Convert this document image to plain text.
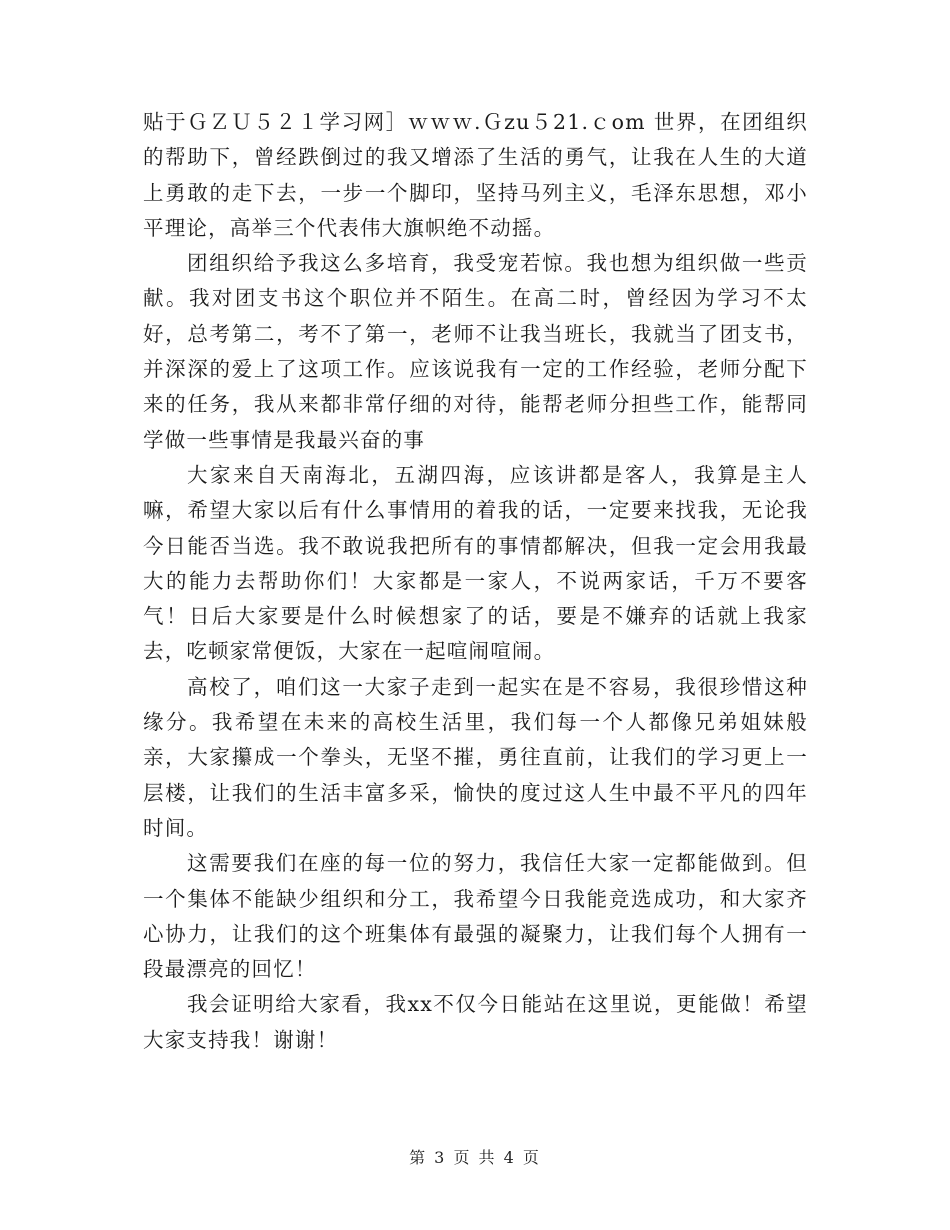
贴于ＧＺＵ５２１学习网］ｗｗｗ.Ｇzu５21.ｃom 世界，在团组织的帮助下，曾经跌倒过的我又增添了生活的勇气，让我在人生的大道上勇敢的走下去，一步一个脚印，坚持马列主义，毛泽东思想，邓小平理论，高举三个代表伟大旗帜绝不动摇。

团组织给予我这么多培育，我受宠若惊。我也想为组织做一些贡献。我对团支书这个职位并不陌生。在高二时，曾经因为学习不太好，总考第二，考不了第一，老师不让我当班长，我就当了团支书，并深深的爱上了这项工作。应该说我有一定的工作经验，老师分配下来的任务，我从来都非常仔细的对待，能帮老师分担些工作，能帮同学做一些事情是我最兴奋的事

大家来自天南海北，五湖四海，应该讲都是客人，我算是主人嘛，希望大家以后有什么事情用的着我的话，一定要来找我，无论我今日能否当选。我不敢说我把所有的事情都解决，但我一定会用我最大的能力去帮助你们！大家都是一家人，不说两家话，千万不要客气！日后大家要是什么时候想家了的话，要是不嫌弃的话就上我家去，吃顿家常便饭，大家在一起喧闹喧闹。

高校了，咱们这一大家子走到一起实在是不容易，我很珍惜这种缘分。我希望在未来的高校生活里，我们每一个人都像兄弟姐妹般亲，大家攥成一个拳头，无坚不摧，勇往直前，让我们的学习更上一层楼，让我们的生活丰富多采，愉快的度过这人生中最不平凡的四年时间。

这需要我们在座的每一位的努力，我信任大家一定都能做到。但一个集体不能缺少组织和分工，我希望今日我能竞选成功，和大家齐心协力，让我们的这个班集体有最强的凝聚力，让我们每个人拥有一段最漂亮的回忆！

我会证明给大家看，我xx不仅今日能站在这里说，更能做！希望大家支持我！谢谢！

第 3 页 共 4 页
